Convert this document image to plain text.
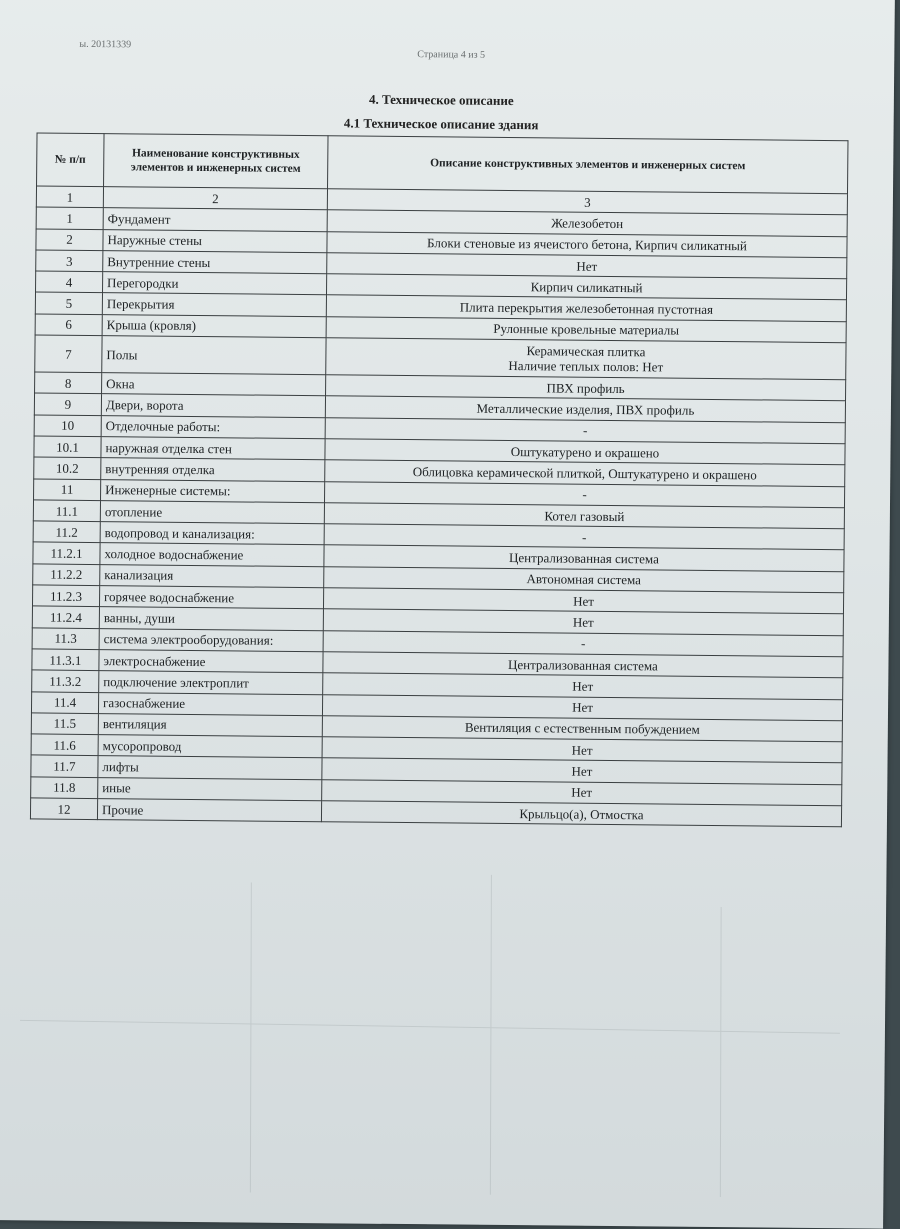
ы. 20131339
Страница 4 из 5
4. Техническое описание
4.1 Техническое описание здания
№ п/п	Наименование конструктивных элементов и инженерных систем	Описание конструктивных элементов и инженерных систем
1	2	3
1	Фундамент	Железобетон
2	Наружные стены	Блоки стеновые из ячеистого бетона, Кирпич силикатный
3	Внутренние стены	Нет
4	Перегородки	Кирпич силикатный
5	Перекрытия	Плита перекрытия железобетонная пустотная
6	Крыша (кровля)	Рулонные кровельные материалы
7	Полы	Керамическая плитка
Наличие теплых полов: Нет

8	Окна	ПВХ профиль
9	Двери, ворота	Металлические изделия, ПВХ профиль
10	Отделочные работы:	-
10.1	наружная отделка стен	Оштукатурено и окрашено
10.2	внутренняя отделка	Облицовка керамической плиткой, Оштукатурено и окрашено
11	Инженерные системы:	-
11.1	отопление	Котел газовый
11.2	водопровод и канализация:	-
11.2.1	холодное водоснабжение	Централизованная система
11.2.2	канализация	Автономная система
11.2.3	горячее водоснабжение	Нет
11.2.4	ванны, души	Нет
11.3	система электрооборудования:	-
11.3.1	электроснабжение	Централизованная система
11.3.2	подключение электроплит	Нет
11.4	газоснабжение	Нет
11.5	вентиляция	Вентиляция с естественным побуждением
11.6	мусоропровод	Нет
11.7	лифты	Нет
11.8	иные	Нет
12	Прочие	Крыльцо(а), Отмостка
